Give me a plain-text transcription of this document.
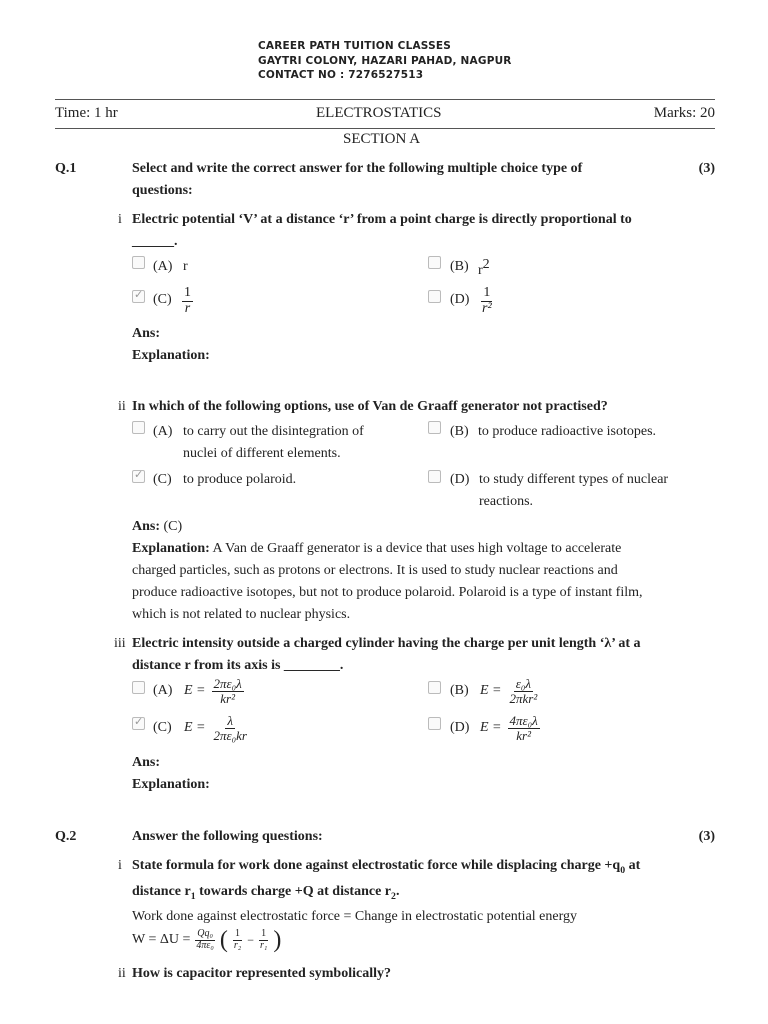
CAREER PATH TUITION CLASSES
GAYTRI COLONY, HAZARI PAHAD, NAGPUR
CONTACT NO : 7276527513
Time: 1 hr	ELECTROSTATICS	Marks: 20
SECTION A
Q.1	Select and write the correct answer for the following multiple choice type of
questions:
(3)
i Electric potential ‘V’ at a distance ‘r’ from a point charge is directly proportional to
______.
(A) r	(B) r2
✓
$(C) \frac{1}{r}$	$(D) \frac{1}{\text{r²}}$
Ans:
Explanation:
ii In which of the following options, use of Van de Graaff generator not practised?
(A) to carry out the disintegration of
nuclei of different elements.
(B) to produce radioactive isotopes.
✓
(C) to produce polaroid.	(D) to study different types of nuclear
reactions.
Ans: (C)
Explanation: A Van de Graaff generator is a device that uses high voltage to accelerate
charged particles, such as protons or electrons. It is used to study nuclear reactions and
produce radioactive isotopes, but not to produce polaroid. Polaroid is a type of instant film,
which is not related to nuclear physics.
iii Electric intensity outside a charged cylinder having the charge per unit length ‘λ’ at a
distance r from its axis is ________.
(A) $E = \frac{\text{2πε₀λ}}{\text{kr²}}$	(B) $E = \frac{\text{ε₀λ}}{\text{2πkr²}}$
✓
(C) $E = \frac{\lambda}{\text{2πε₀kr}}$	(D) $E = \frac{\text{4πε₀λ}}{\text{kr²}}$
Ans:
Explanation:
Q.2	Answer the following questions:	(3)
i State formula for work done against electrostatic force while displacing charge $+q_0$ at
distance $r_1$ towards charge +Q at distance $r_2$.
Work done against electrostatic force = Change in electrostatic potential energy
$W = \Delta U = \frac{\text{Qq₀}}{\text{4πε₀}}$ ( $\frac{1}{\text{r₂}} - \frac{1}{\text{r₁}}$ )
ii How is capacitor represented symbolically?
